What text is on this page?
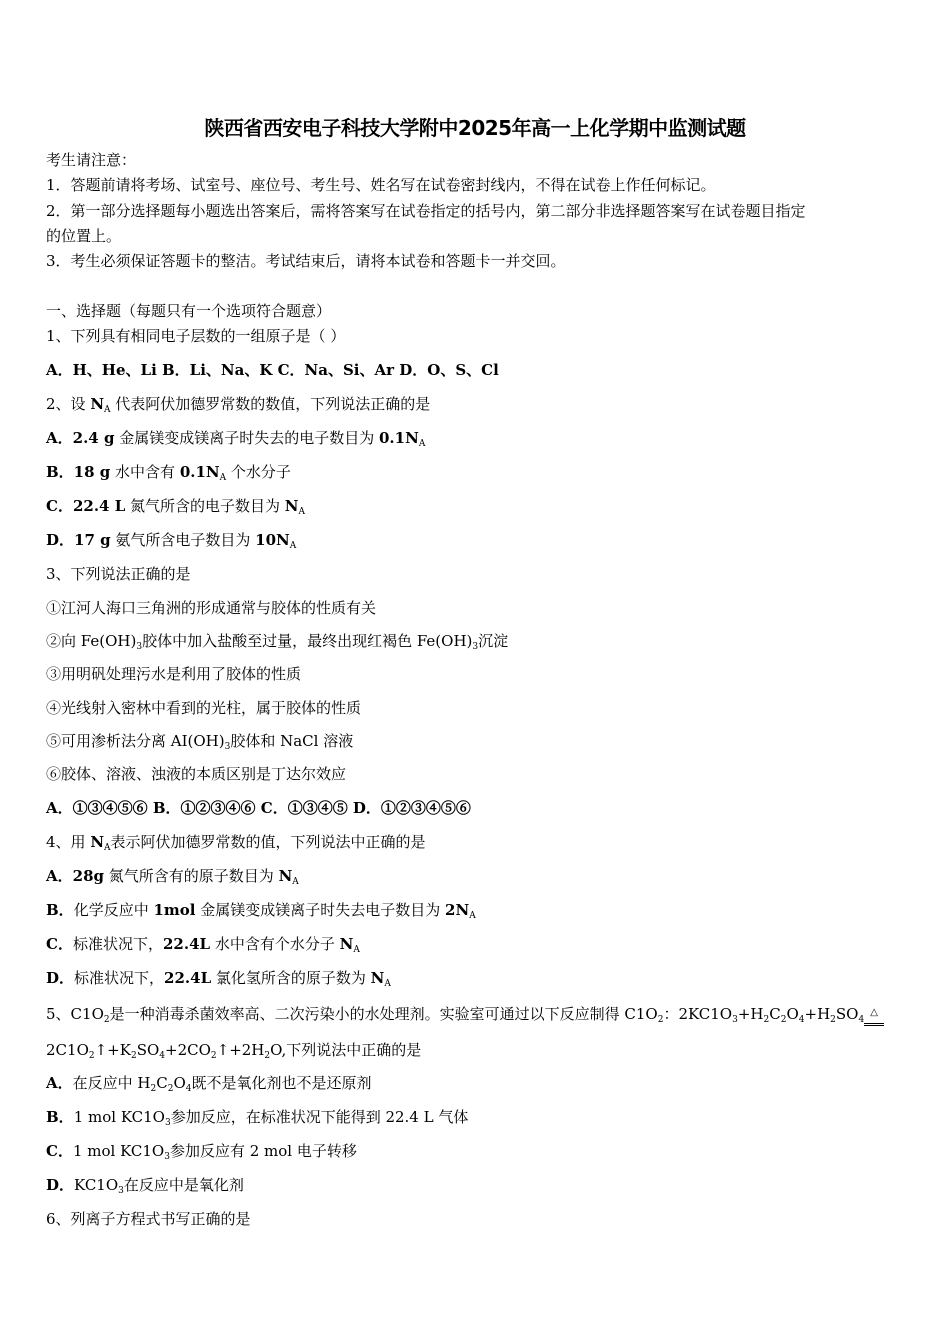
陕西省西安电子科技大学附中2025年高一上化学期中监测试题
考生请注意：
1．答题前请将考场、试室号、座位号、考生号、姓名写在试卷密封线内，不得在试卷上作任何标记。
2．第一部分选择题每小题选出答案后，需将答案写在试卷指定的括号内，第二部分非选择题答案写在试卷题目指定
的位置上。
3．考生必须保证答题卡的整洁。考试结束后，请将本试卷和答题卡一并交回。
一、选择题（每题只有一个选项符合题意）
1、下列具有相同电子层数的一组原子是（ ）
A．H、He、Li B．Li、Na、K C．Na、Si、Ar D．O、S、Cl
2、设 $N_A$ 代表阿伏加德罗常数的数值，下列说法正确的是
A．2.4 g 金属镁变成镁离子时失去的电子数目为 $0.1N_A$
B．18 g 水中含有 $0.1N_A$ 个水分子
C．22.4 L 氮气所含的电子数目为 $N_A$
D．17 g 氨气所含电子数目为 $10N_A$
3、下列说法正确的是
①江河人海口三角洲的形成通常与胶体的性质有关
②向 $Fe(OH)_3$胶体中加入盐酸至过量，最终出现红褐色 $Fe(OH)_3$沉淀
③用明矾处理污水是利用了胶体的性质
④光线射入密林中看到的光柱，属于胶体的性质
⑤可用渗析法分离 $AI(OH)_3$胶体和 NaCl 溶液
⑥胶体、溶液、浊液的本质区别是丁达尔效应
A．①③④⑤⑥ B．①②③④⑥ C．①③④⑤ D．①②③④⑤⑥
4、用 $N_A$表示阿伏加德罗常数的值，下列说法中正确的是
A．28g 氮气所含有的原子数目为 $N_A$
B．化学反应中 1mol 金属镁变成镁离子时失去电子数目为 $2N_A$
C．标准状况下，22.4L 水中含有个水分子 $N_A$
D．标准状况下，22.4L 氯化氢所含的原子数为 $N_A$
5、$C1O_2$是一种消毒杀菌效率高、二次污染小的水处理剂。实验室可通过以下反应制得 $C1O_2$：$2KC1O_3+H_2C_2O_4+H_2SO_4\triangle$
$2C1O_2↑+K_2SO_4+2CO_2↑+2H_2O$,下列说法中正确的是
A．在反应中 $H_2C_2O_4$既不是氧化剂也不是还原剂
B．1 mol $KC1O_3$参加反应，在标准状况下能得到 22.4 L 气体
C．1 mol $KC1O_3$参加反应有 2 mol 电子转移
D．$KC1O_3$在反应中是氧化剂
6、列离子方程式书写正确的是
